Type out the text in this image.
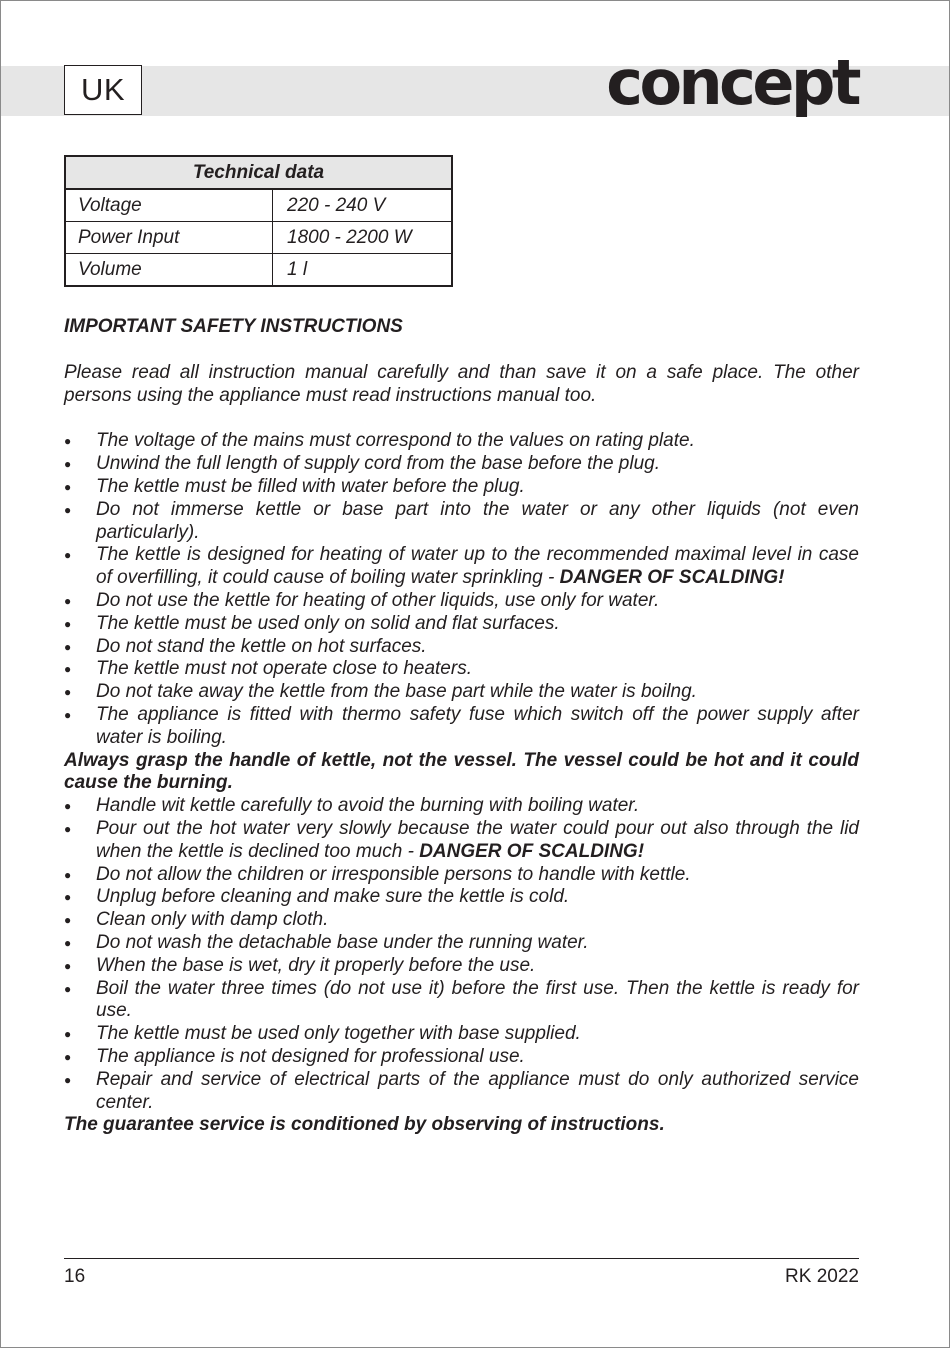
UK	concept
Technical data	
Voltage	220 - 240 V
Power Input	1800 - 2200 W
Volume	1 l
IMPORTANT SAFETY INSTRUCTIONS

Please read all instruction manual carefully and than save it on a safe place. The other persons using the appliance must read instructions manual too.

● The voltage of the mains must correspond to the values on rating plate.
● Unwind the full length of supply cord from the base before the plug.
● The kettle must be filled with water before the plug.
● Do not immerse kettle or base part into the water or any other liquids (not even particularly).
● The kettle is designed for heating of water up to the recommended maximal level in case of overfilling, it could cause of boiling water sprinkling - DANGER OF SCALDING!
● Do not use the kettle for heating of other liquids, use only for water.
● The kettle must be used only on solid and flat surfaces.
● Do not stand the kettle on hot surfaces.
● The kettle must not operate close to heaters.
● Do not take away the kettle from the base part while the water is boilng.
● The appliance is fitted with thermo safety fuse which switch off the power supply after water is boiling.

Always grasp the handle of kettle, not the vessel. The vessel could be hot and it could cause the burning.

● Handle wit kettle carefully to avoid the burning with boiling water.
● Pour out the hot water very slowly because the water could pour out also through the lid when the kettle is declined too much - DANGER OF SCALDING!
● Do not allow the children or irresponsible persons to handle with kettle.
● Unplug before cleaning and make sure the kettle is cold.
● Clean only with damp cloth.
● Do not wash the detachable base under the running water.
● When the base is wet, dry it properly before the use.
● Boil the water three times (do not use it) before the first use. Then the kettle is ready for use.
● The kettle must be used only together with base supplied.
● The appliance is not designed for professional use.
● Repair and service of electrical parts of the appliance must do only authorized service center.

The guarantee service is conditioned by observing of instructions.

16	RK 2022
